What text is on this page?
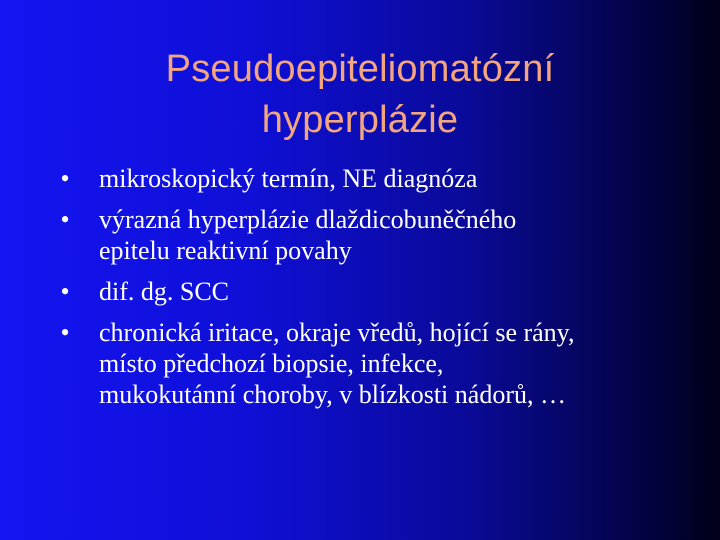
Pseudoepiteliomatózní
hyperplázie
• mikroskopický termín, NE diagnóza
• výrazná hyperplázie dlaždicobuněčného
epitelu reaktivní povahy
• dif. dg. SCC
• chronická iritace, okraje vředů, hojící se rány,
místo předchozí biopsie, infekce,
mukokutánní choroby, v blízkosti nádorů, …
